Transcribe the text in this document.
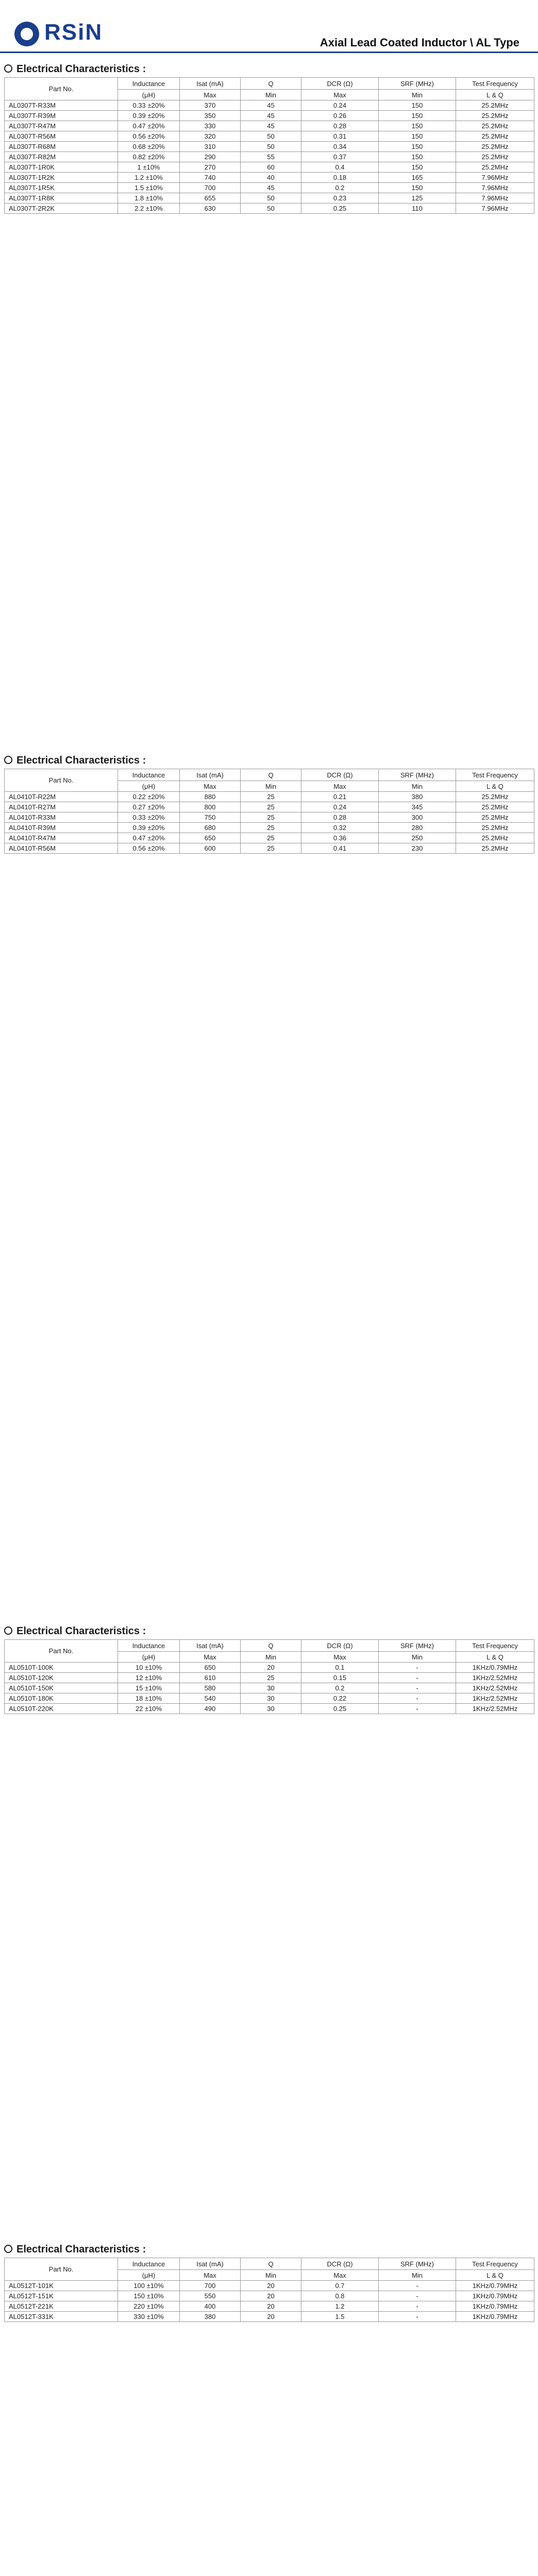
RSiN	Axial Lead Coated Inductor \ AL Type
Electrical Characteristics :
Part No.	Inductance	Isat (mA)	Q	DCR (Ω)	SRF (MHz)	Test Frequency
	(μH)	Max	Min	Max	Min	L & Q
AL0307T-R33M	0.33 ±20%	370	45	0.24	150	25.2MHz
AL0307T-R39M	0.39 ±20%	350	45	0.26	150	25.2MHz
AL0307T-R47M	0.47 ±20%	330	45	0.28	150	25.2MHz
AL0307T-R56M	0.56 ±20%	320	50	0.31	150	25.2MHz
AL0307T-R68M	0.68 ±20%	310	50	0.34	150	25.2MHz
AL0307T-R82M	0.82 ±20%	290	55	0.37	150	25.2MHz
AL0307T-1R0K	1 ±10%	270	60	0.4	150	25.2MHz
AL0307T-1R2K	1.2 ±10%	740	40	0.18	165	7.96MHz
AL0307T-1R5K	1.5 ±10%	700	45	0.2	150	7.96MHz
AL0307T-1R8K	1.8 ±10%	655	50	0.23	125	7.96MHz
AL0307T-2R2K	2.2 ±10%	630	50	0.25	110	7.96MHz
Electrical Characteristics :
Part No.	Inductance	Isat (mA)	Q	DCR (Ω)	SRF (MHz)	Test Frequency
	(μH)	Max	Min	Max	Min	L & Q
AL0410T-R22M	0.22 ±20%	880	25	0.21	380	25.2MHz
AL0410T-R27M	0.27 ±20%	800	25	0.24	345	25.2MHz
AL0410T-R33M	0.33 ±20%	750	25	0.28	300	25.2MHz
AL0410T-R39M	0.39 ±20%	680	25	0.32	280	25.2MHz
AL0410T-R47M	0.47 ±20%	650	25	0.36	250	25.2MHz
AL0410T-R56M	0.56 ±20%	600	25	0.41	230	25.2MHz
Electrical Characteristics :
Part No.	Inductance	Isat (mA)	Q	DCR (Ω)	SRF (MHz)	Test Frequency
	(μH)	Max	Min	Max	Min	L & Q
AL0510T-100K	10 ±10%	650	20	0.1	-	1KHz/0.79MHz
AL0510T-120K	12 ±10%	610	25	0.15	-	1KHz/2.52MHz
AL0510T-150K	15 ±10%	580	30	0.2	-	1KHz/2.52MHz
AL0510T-180K	18 ±10%	540	30	0.22	-	1KHz/2.52MHz
AL0510T-220K	22 ±10%	490	30	0.25	-	1KHz/2.52MHz
Electrical Characteristics :
Part No.	Inductance	Isat (mA)	Q	DCR (Ω)	SRF (MHz)	Test Frequency
	(μH)	Max	Min	Max	Min	L & Q
AL0512T-101K	100 ±10%	700	20	0.7	-	1KHz/0.79MHz
AL0512T-151K	150 ±10%	550	20	0.8	-	1KHz/0.79MHz
AL0512T-221K	220 ±10%	400	20	1.2	-	1KHz/0.79MHz
AL0512T-331K	330 ±10%	380	20	1.5	-	1KHz/0.79MHz
